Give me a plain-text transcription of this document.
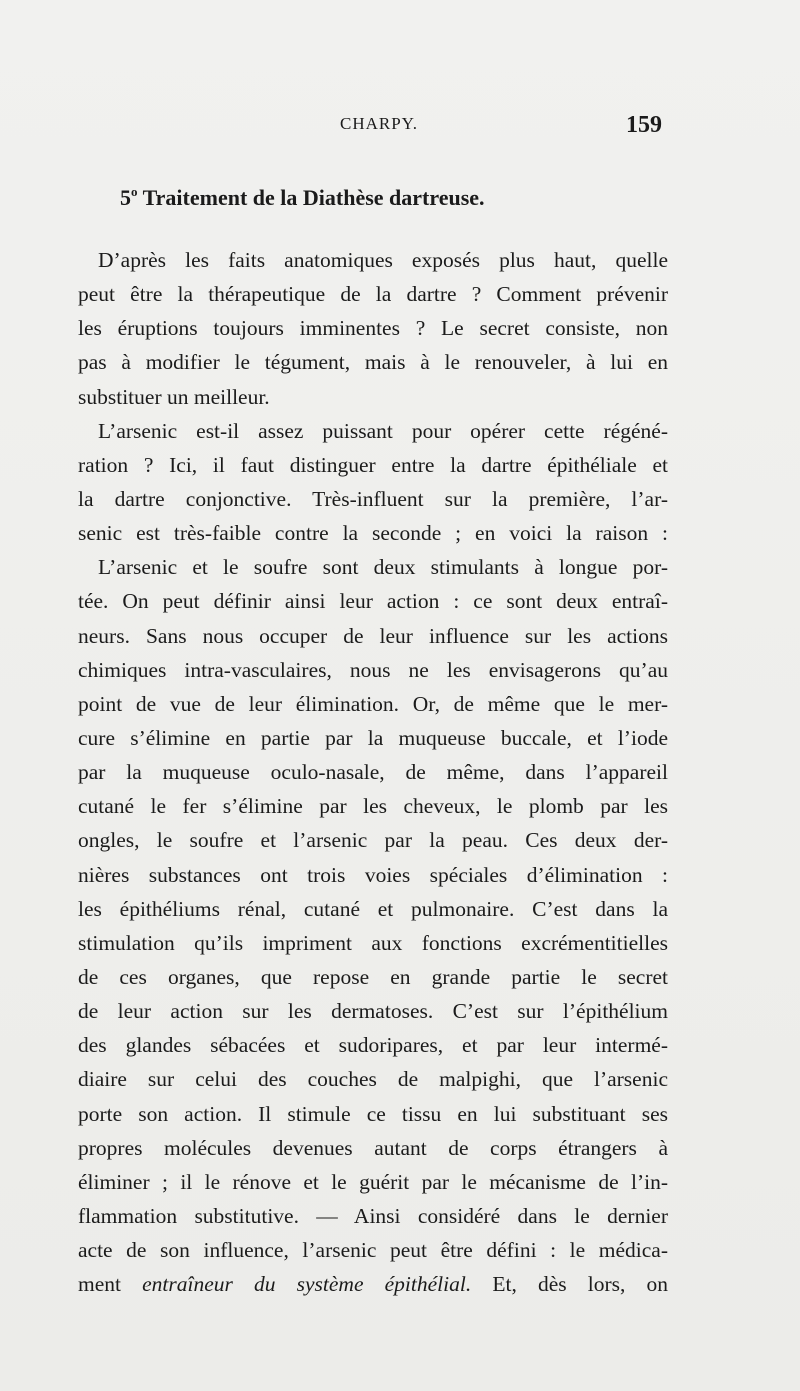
CHARPY.	159
5$^o$ Traitement de la Diathèse dartreuse.
D’après les faits anatomiques exposés plus haut, quelle
peut être la thérapeutique de la dartre ? Comment prévenir
les éruptions toujours imminentes ? Le secret consiste, non
pas à modifier le tégument, mais à le renouveler, à lui en
substituer un meilleur.
L’arsenic est-il assez puissant pour opérer cette régéné-
ration ? Ici, il faut distinguer entre la dartre épithéliale et
la dartre conjonctive. Très-influent sur la première, l’ar-
senic est très-faible contre la seconde ; en voici la raison :
L’arsenic et le soufre sont deux stimulants à longue por-
tée. On peut définir ainsi leur action : ce sont deux entraî-
neurs. Sans nous occuper de leur influence sur les actions
chimiques intra-vasculaires, nous ne les envisagerons qu’au
point de vue de leur élimination. Or, de même que le mer-
cure s’élimine en partie par la muqueuse buccale, et l’iode
par la muqueuse oculo-nasale, de même, dans l’appareil
cutané le fer s’élimine par les cheveux, le plomb par les
ongles, le soufre et l’arsenic par la peau. Ces deux der-
nières substances ont trois voies spéciales d’élimination :
les épithéliums rénal, cutané et pulmonaire. C’est dans la
stimulation qu’ils impriment aux fonctions excrémentitielles
de ces organes, que repose en grande partie le secret
de leur action sur les dermatoses. C’est sur l’épithélium
des glandes sébacées et sudoripares, et par leur intermé-
diaire sur celui des couches de malpighi, que l’arsenic
porte son action. Il stimule ce tissu en lui substituant ses
propres molécules devenues autant de corps étrangers à
éliminer ; il le rénove et le guérit par le mécanisme de l’in-
flammation substitutive. — Ainsi considéré dans le dernier
acte de son influence, l’arsenic peut être défini : le médica-
ment entraîneur du système épithélial. Et, dès lors, on
